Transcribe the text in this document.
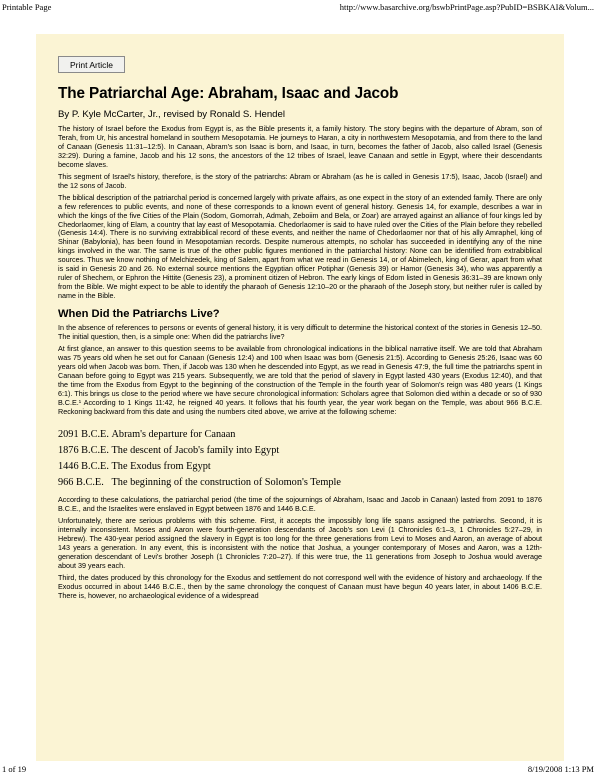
Printable Page	http://www.basarchive.org/bswbPrintPage.asp?PubID=BSBKAI&Volum...
Print Article
The Patriarchal Age: Abraham, Isaac and Jacob
By P. Kyle McCarter, Jr., revised by Ronald S. Hendel

The history of Israel before the Exodus from Egypt is, as the Bible presents it, a family history. The story begins with the departure of Abram, son of Terah, from Ur, his ancestral homeland in southern Mesopotamia. He journeys to Haran, a city in northwestern Mesopotamia, and from there to the land of Canaan (Genesis 11:31–12:5). In Canaan, Abram's son Isaac is born, and Isaac, in turn, becomes the father of Jacob, also called Israel (Genesis 32:29). During a famine, Jacob and his 12 sons, the ancestors of the 12 tribes of Israel, leave Canaan and settle in Egypt, where their descendants become slaves.

This segment of Israel's history, therefore, is the story of the patriarchs: Abram or Abraham (as he is called in Genesis 17:5), Isaac, Jacob (Israel) and the 12 sons of Jacob.

The biblical description of the patriarchal period is concerned largely with private affairs, as one expect in the story of an extended family. There are only a few references to public events, and none of these corresponds to a known event of general history. Genesis 14, for example, describes a war in which the kings of the five Cities of the Plain (Sodom, Gomorrah, Admah, Zeboiim and Bela, or Zoar) are arrayed against an alliance of four kings led by Chedorlaomer, king of Elam, a country that lay east of Mesopotamia. Chedorlaomer is said to have ruled over the Cities of the Plain before they rebelled (Genesis 14:4). There is no surviving extrabiblical record of these events, and neither the name of Chedorlaomer nor that of his ally Amraphel, king of Shinar (Babylonia), has been found in Mesopotamian records. Despite numerous attempts, no scholar has succeeded in identifying any of the nine kings involved in the war. The same is true of the other public figures mentioned in the patriarchal history: None can be identified from extrabiblical sources. Thus we know nothing of Melchizedek, king of Salem, apart from what we read in Genesis 14, or of Abimelech, king of Gerar, apart from what is said in Genesis 20 and 26. No external source mentions the Egyptian officer Potiphar (Genesis 39) or Hamor (Genesis 34), who was apparently a ruler of Shechem, or Ephron the Hittite (Genesis 23), a prominent citizen of Hebron. The early kings of Edom listed in Genesis 36:31–39 are known only from the Bible. We might expect to be able to identify the pharaoh of Genesis 12:10–20 or the pharaoh of the Joseph story, but neither ruler is called by name in the Bible.

When Did the Patriarchs Live?

In the absence of references to persons or events of general history, it is very difficult to determine the historical context of the stories in Genesis 12–50. The initial question, then, is a simple one: When did the patriarchs live?

At first glance, an answer to this question seems to be available from chronological indications in the biblical narrative itself. We are told that Abraham was 75 years old when he set out for Canaan (Genesis 12:4) and 100 when Isaac was born (Genesis 21:5). According to Genesis 25:26, Isaac was 60 years old when Jacob was born. Then, if Jacob was 130 when he descended into Egypt, as we read in Genesis 47:9, the full time the patriarchs spent in Canaan before going to Egypt was 215 years. Subsequently, we are told that the period of slavery in Egypt lasted 430 years (Exodus 12:40), and that the time from the Exodus from Egypt to the beginning of the construction of the Temple in the fourth year of Solomon's reign was 480 years (1 Kings 6:1). This brings us close to the period where we have secure chronological information: Scholars agree that Solomon died within a decade or so of 930 B.C.E.¹ According to 1 Kings 11:42, he reigned 40 years. It follows that his fourth year, the year work began on the Temple, was about 966 B.C.E. Reckoning backward from this date and using the numbers cited above, we arrive at the following scheme:

2091 B.C.E. Abram's departure for Canaan
1876 B.C.E. The descent of Jacob's family into Egypt
1446 B.C.E. The Exodus from Egypt
966 B.C.E. The beginning of the construction of Solomon's Temple

According to these calculations, the patriarchal period (the time of the sojournings of Abraham, Isaac and Jacob in Canaan) lasted from 2091 to 1876 B.C.E., and the Israelites were enslaved in Egypt between 1876 and 1446 B.C.E.

Unfortunately, there are serious problems with this scheme. First, it accepts the impossibly long life spans assigned the patriarchs. Second, it is internally inconsistent. Moses and Aaron were fourth-generation descendants of Jacob's son Levi (1 Chronicles 6:1–3, 1 Chronicles 5:27–29, in Hebrew). The 430-year period assigned the slavery in Egypt is too long for the three generations from Levi to Moses and Aaron, an average of about 143 years a generation. In any event, this is inconsistent with the notice that Joshua, a younger contemporary of Moses and Aaron, was a 12th-generation descendant of Levi's brother Joseph (1 Chronicles 7:20–27). If this were true, the 11 generations from Joseph to Joshua would average about 39 years each.

Third, the dates produced by this chronology for the Exodus and settlement do not correspond well with the evidence of history and archaeology. If the Exodus occurred in about 1446 B.C.E., then by the same chronology the conquest of Canaan must have begun 40 years later, in about 1406 B.C.E. There is, however, no archaeological evidence of a widespread

1 of 19	8/19/2008 1:13 PM
